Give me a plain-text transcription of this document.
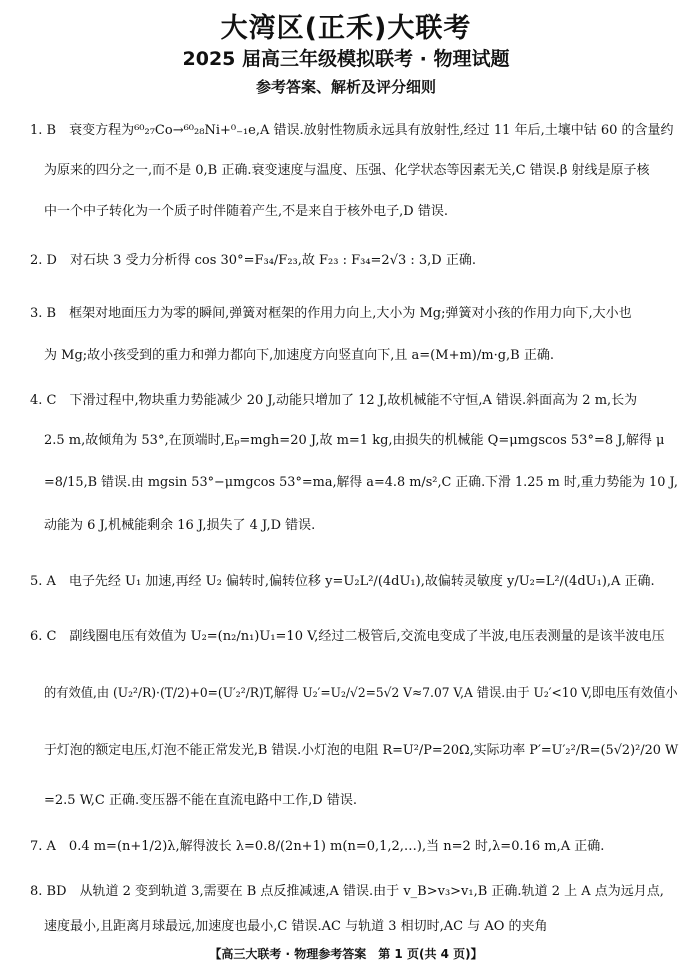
大湾区(正禾)大联考
2025 届高三年级模拟联考 · 物理试题
参考答案、解析及评分细则
1. B　衰变方程为⁶⁰₂₇Co→⁶⁰₂₈Ni+⁰₋₁e,A 错误.放射性物质永远具有放射性,经过 11 年后,土壤中钴 60 的含量约
为原来的四分之一,而不是 0,B 正确.衰变速度与温度、压强、化学状态等因素无关,C 错误.β 射线是原子核
中一个中子转化为一个质子时伴随着产生,不是来自于核外电子,D 错误.
2. D　对石块 3 受力分析得 cos 30°=F₃₄/F₂₃,故 F₂₃ : F₃₄=2√3 : 3,D 正确.
3. B　框架对地面压力为零的瞬间,弹簧对框架的作用力向上,大小为 Mg;弹簧对小孩的作用力向下,大小也
为 Mg;故小孩受到的重力和弹力都向下,加速度方向竖直向下,且 a=(M+m)/m·g,B 正确.
4. C　下滑过程中,物块重力势能减少 20 J,动能只增加了 12 J,故机械能不守恒,A 错误.斜面高为 2 m,长为
2.5 m,故倾角为 53°,在顶端时,Eₚ=mgh=20 J,故 m=1 kg,由损失的机械能 Q=μmgscos 53°=8 J,解得 μ
=8/15,B 错误.由 mgsin 53°−μmgcos 53°=ma,解得 a=4.8 m/s²,C 正确.下滑 1.25 m 时,重力势能为 10 J,
动能为 6 J,机械能剩余 16 J,损失了 4 J,D 错误.
5. A　电子先经 U₁ 加速,再经 U₂ 偏转时,偏转位移 y=U₂L²/(4dU₁),故偏转灵敏度 y/U₂=L²/(4dU₁),A 正确.
6. C　副线圈电压有效值为 U₂=(n₂/n₁)U₁=10 V,经过二极管后,交流电变成了半波,电压表测量的是该半波电压
的有效值,由 (U₂²/R)·(T/2)+0=(U′₂²/R)T,解得 U₂′=U₂/√2=5√2 V≈7.07 V,A 错误.由于 U₂′<10 V,即电压有效值小
于灯泡的额定电压,灯泡不能正常发光,B 错误.小灯泡的电阻 R=U²/P=20Ω,实际功率 P′=U′₂²/R=(5√2)²/20 W
=2.5 W,C 正确.变压器不能在直流电路中工作,D 错误.
7. A　0.4 m=(n+1/2)λ,解得波长 λ=0.8/(2n+1) m(n=0,1,2,…),当 n=2 时,λ=0.16 m,A 正确.
8. BD　从轨道 2 变到轨道 3,需要在 B 点反推减速,A 错误.由于 v_B>v₃>v₁,B 正确.轨道 2 上 A 点为远月点,
速度最小,且距离月球最远,加速度也最小,C 错误.AC 与轨道 3 相切时,AC 与 AO 的夹角
【高三大联考 · 物理参考答案　第 1 页(共 4 页)】
